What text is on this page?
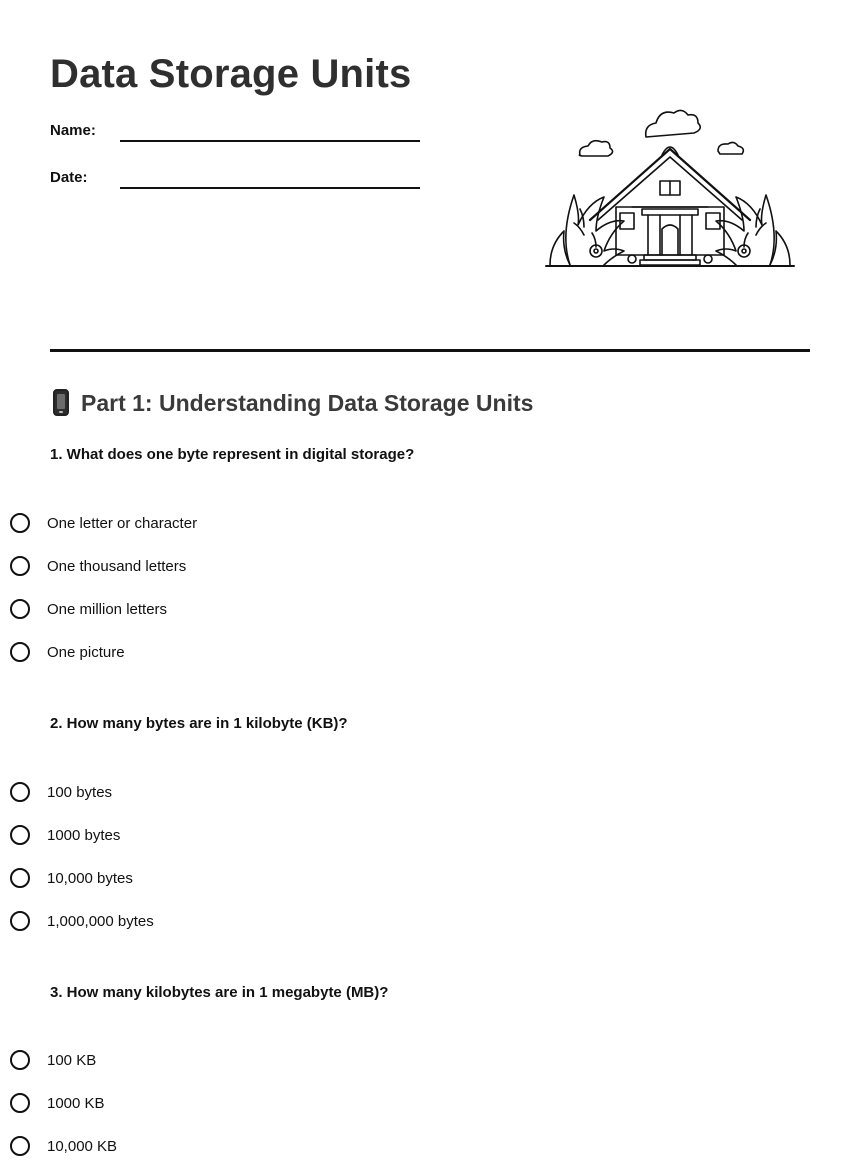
Data Storage Units
Name:
Date:
Part 1: Understanding Data Storage Units

1. What does one byte represent in digital storage?

One letter or character
One thousand letters
One million letters
One picture

2. How many bytes are in 1 kilobyte (KB)?

100 bytes
1000 bytes
10,000 bytes
1,000,000 bytes

3. How many kilobytes are in 1 megabyte (MB)?

100 KB
1000 KB
10,000 KB
